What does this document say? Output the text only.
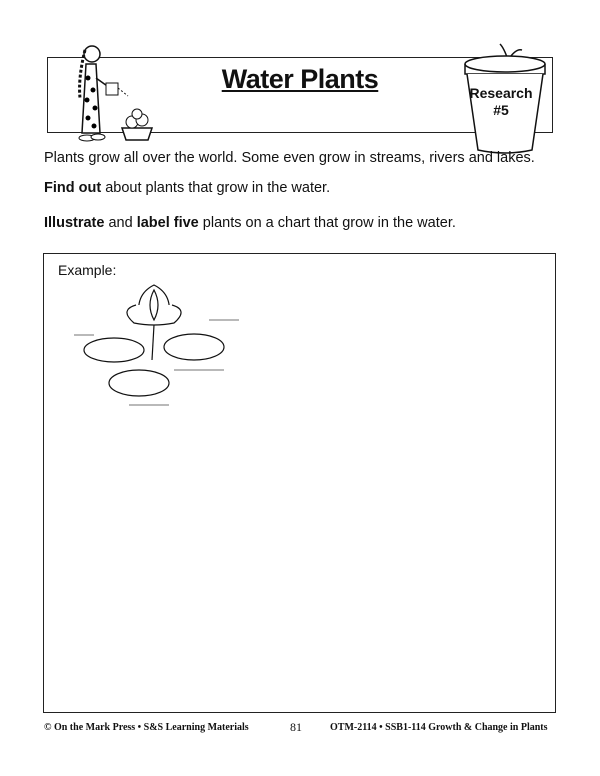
Water Plants	Research
#5
Plants grow all over the world. Some even grow in streams, rivers and lakes.
Find out about plants that grow in the water.
Illustrate and label five plants on a chart that grow in the water.
Example:
© On the Mark Press • S&S Learning Materials	81	OTM-2114 • SSB1-114 Growth & Change in Plants
